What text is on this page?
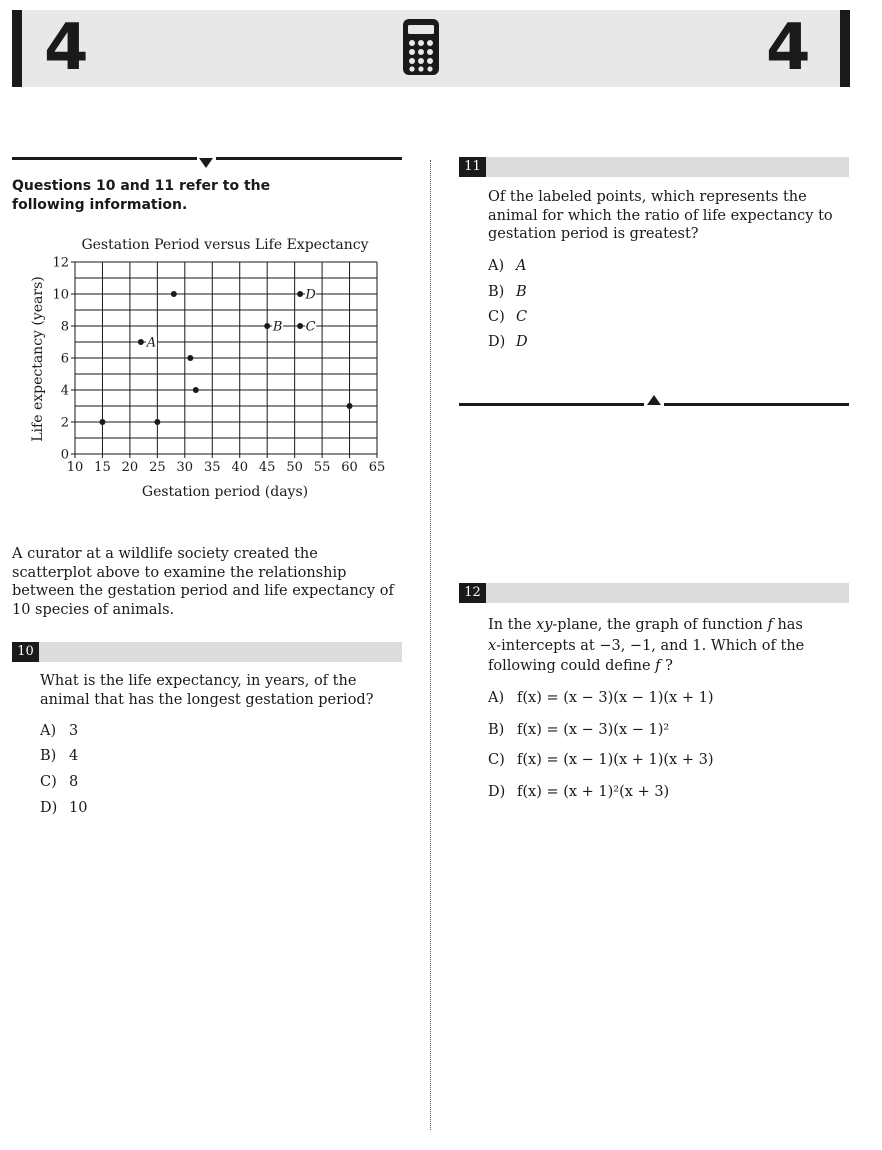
4	4
Questions 10 and 11 refer to the following information.
Gestation Period versus Life Expectancy
Gestation period (days)
Life expectancy (years)
10 15 20 25 30 35 40 45 50 55 60 65
0
2
4
6
8
10
12
A
B C
D
A curator at a wildlife society created the scatterplot above to examine the relationship between the gestation period and life expectancy of 10 species of animals.
10
What is the life expectancy, in years, of the animal that has the longest gestation period?
A) 3
B) 4
C) 8
D) 10
11
Of the labeled points, which represents the animal for which the ratio of life expectancy to gestation period is greatest?
A) A
B) B
C) C
D) D
12
In the xy-plane, the graph of function f has
x-intercepts at −3, −1, and 1. Which of the
following could define f ?
A) f(x) = (x − 3)(x − 1)(x + 1)
B) f(x) = (x − 3)(x − 1)²
C) f(x) = (x − 1)(x + 1)(x + 3)
D) f(x) = (x + 1)²(x + 3)
